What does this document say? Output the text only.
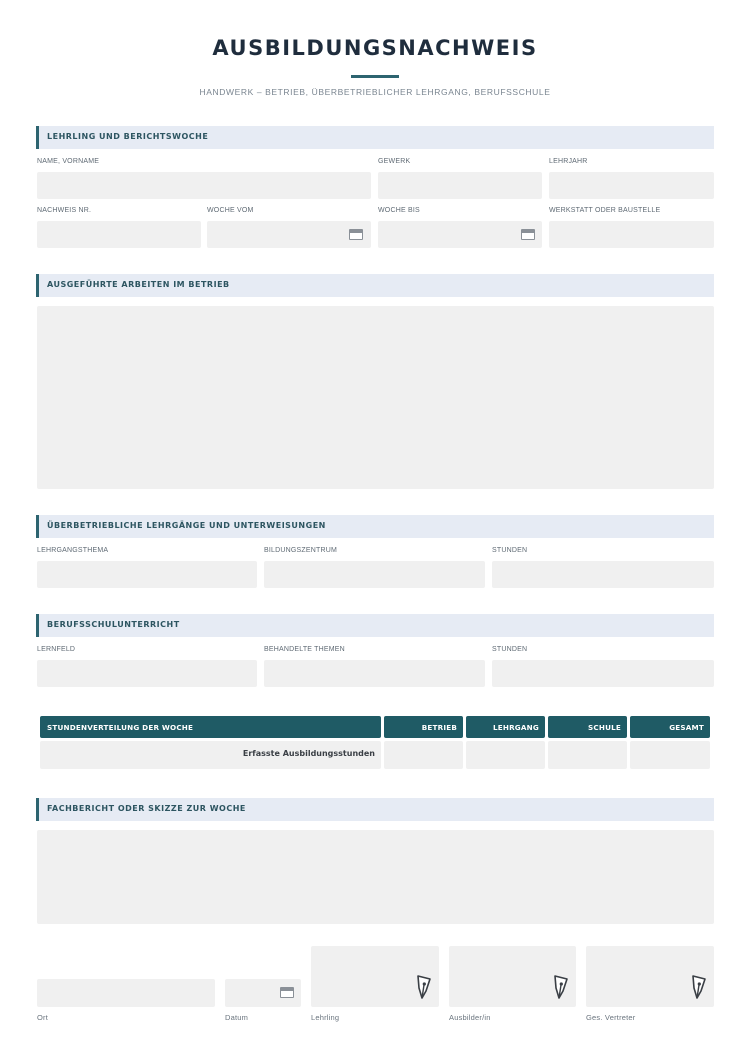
AUSBILDUNGSNACHWEIS
HANDWERK – BETRIEB, ÜBERBETRIEBLICHER LEHRGANG, BERUFSSCHULE
LEHRLING UND BERICHTSWOCHE
NAME, VORNAME	GEWERK	LEHRJAHR
NACHWEIS NR.	WOCHE VOM	WOCHE BIS	WERKSTATT ODER BAUSTELLE
AUSGEFÜHRTE ARBEITEN IM BETRIEB
ÜBERBETRIEBLICHE LEHRGÄNGE UND UNTERWEISUNGEN
LEHRGANGSTHEMA	BILDUNGSZENTRUM	STUNDEN
BERUFSSCHULUNTERRICHT
LERNFELD	BEHANDELTE THEMEN	STUNDEN
STUNDENVERTEILUNG DER WOCHE	BETRIEB	LEHRGANG	SCHULE	GESAMT
Erfasste Ausbildungsstunden
FACHBERICHT ODER SKIZZE ZUR WOCHE
Ort	Datum	Lehrling	Ausbilder/in	Ges. Vertreter
